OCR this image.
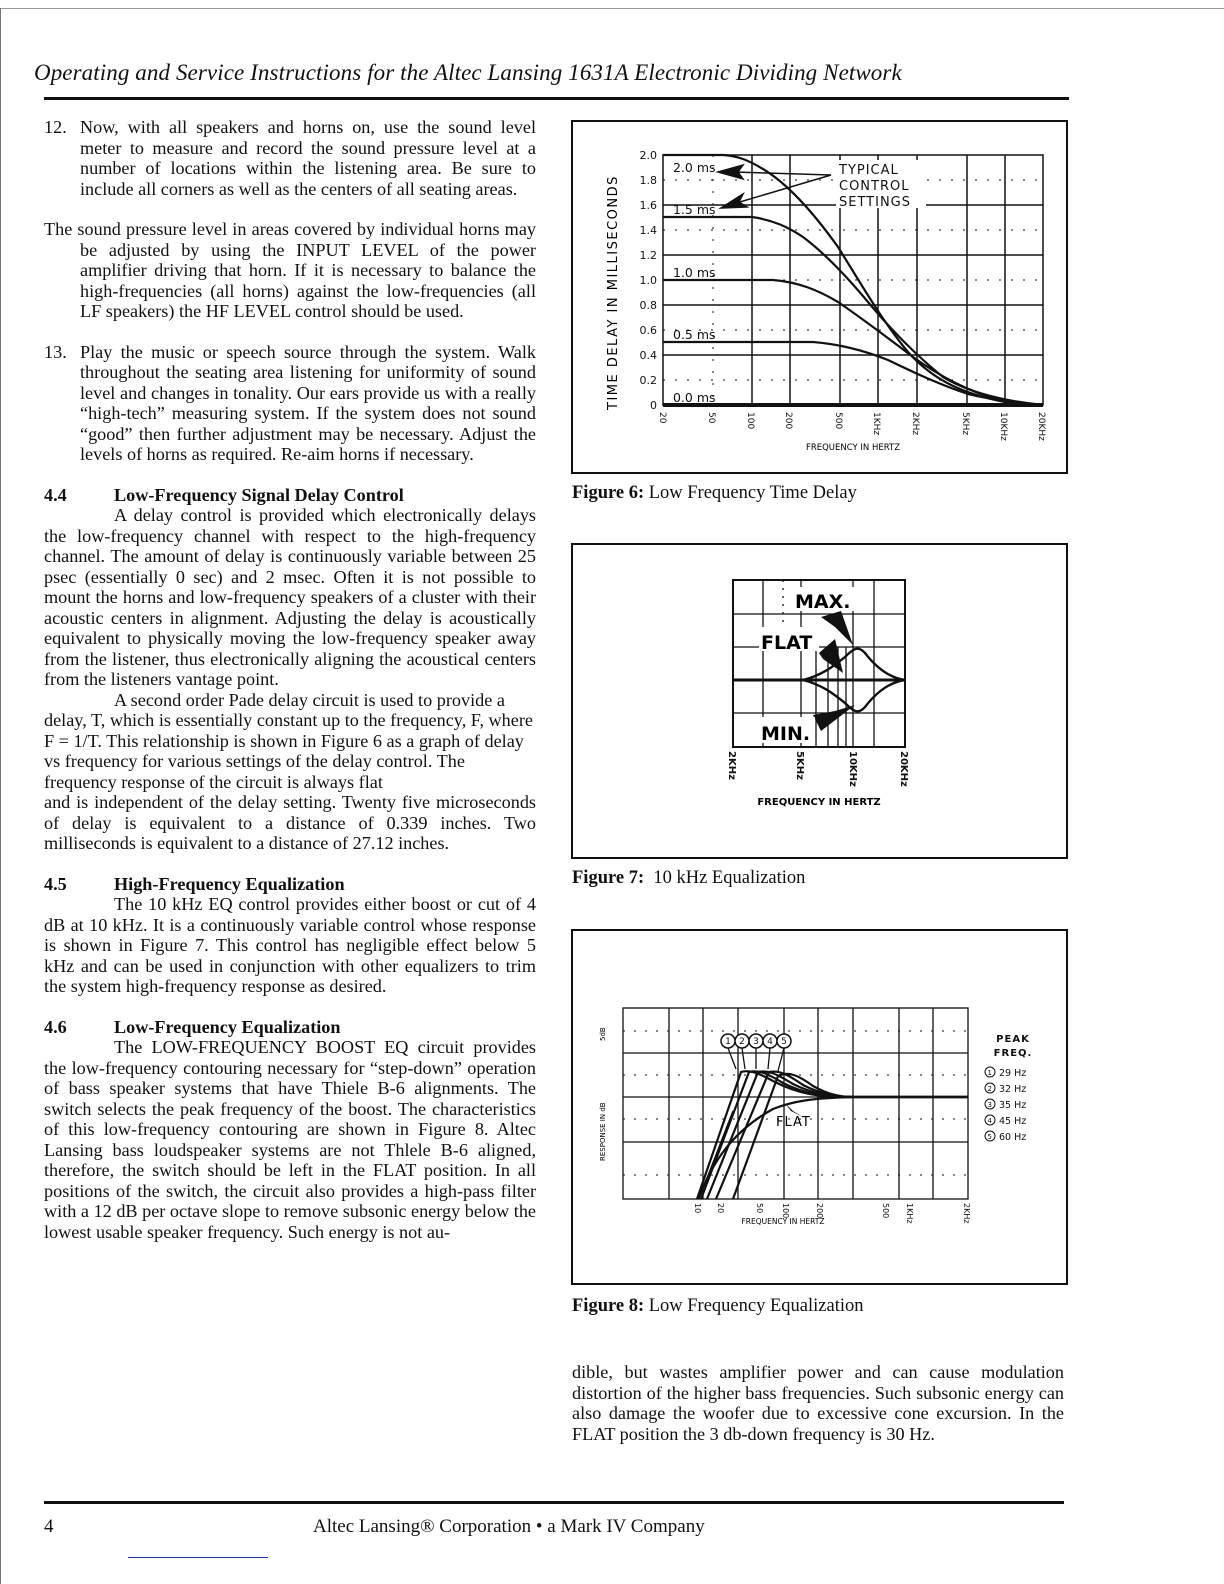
Operating and Service Instructions for the Altec Lansing 1631A Electronic Dividing Network

12. Now, with all speakers and horns on, use the sound level meter to measure and record the sound pressure level at a number of locations within the listening area. Be sure to include all corners as well as the centers of all seating areas.

The sound pressure level in areas covered by individual horns may be adjusted by using the INPUT LEVEL of the power amplifier driving that horn. If it is necessary to balance the high-frequencies (all horns) against the low-frequencies (all LF speakers) the HF LEVEL control should be used.

13. Play the music or speech source through the system. Walk throughout the seating area listening for uniformity of sound level and changes in tonality. Our ears provide us with a really “high-tech” measuring system. If the system does not sound “good” then further adjustment may be necessary. Adjust the levels of horns as required. Re-aim horns if necessary.

4.4	Low-Frequency Signal Delay Control

A delay control is provided which electronically delays the low-frequency channel with respect to the high-frequency channel. The amount of delay is continuously variable between 25 psec (essentially 0 sec) and 2 msec. Often it is not possible to mount the horns and low-frequency speakers of a cluster with their acoustic centers in alignment. Adjusting the delay is acoustically equivalent to physically moving the low-frequency speaker away from the listener, thus electronically aligning the acoustical centers from the listeners vantage point.

A second order Pade delay circuit is used to provide a delay, T, which is essentially constant up to the frequency, F, where F = 1/T. This relationship is shown in Figure 6 as a graph of delay vs frequency for various settings of the delay control. The frequency response of the circuit is always flat

and is independent of the delay setting. Twenty five microseconds of delay is equivalent to a distance of 0.339 inches. Two milliseconds is equivalent to a distance of 27.12 inches.

4.5	High-Frequency Equalization

The 10 kHz EQ control provides either boost or cut of 4 dB at 10 kHz. It is a continuously variable control whose response is shown in Figure 7. This control has negligible effect below 5 kHz and can be used in conjunction with other equalizers to trim the system high-frequency response as desired.

4.6	Low-Frequency Equalization

The LOW-FREQUENCY BOOST EQ circuit provides the low-frequency contouring necessary for “step-down” operation of bass speaker systems that have Thiele B-6 alignments. The switch selects the peak frequency of the boost. The characteristics of this low-frequency contouring are shown in Figure 8. Altec Lansing bass loudspeaker systems are not Thlele B-6 aligned, therefore, the switch should be left in the FLAT position. In all positions of the switch, the circuit also provides a high-pass filter with a 12 dB per octave slope to remove subsonic energy below the lowest usable speaker frequency. Such energy is not au-

2.0
1.8
1.6
1.4
1.2
1.0
0.8
0.6
0.4
0.2
0
TIME DELAY IN MILLISECONDS
2.0 ms
1.5 ms
1.0 ms
0.5 ms
0.0 ms
TYPICAL
CONTROL
SETTINGS
20	50	100	200	500	1KHz	2KHz	5KHz	10KHz	20KHz
FREQUENCY IN HERTZ
Figure 6: Low Frequency Time Delay
MAX.
FLAT
MIN.
2KHz	5KHz	10KHz	20KHz
FREQUENCY IN HERTZ
Figure 7: 10 kHz Equalization
1 2 3 4 5
FLAT
5dB
RESPONSE IN dB
10 20	50 100	200	500 1KHz	2KHz
FREQUENCY IN HERTZ
PEAK
FREQ.
1 29 Hz
2 32 Hz
3 35 Hz
4 45 Hz
5 60 Hz
Figure 8: Low Frequency Equalization

dible, but wastes amplifier power and can cause modulation distortion of the higher bass frequencies. Such subsonic energy can also damage the woofer due to excessive cone excursion. In the FLAT position the 3 db-down frequency is 30 Hz.

4	Altec Lansing® Corporation • a Mark IV Company
